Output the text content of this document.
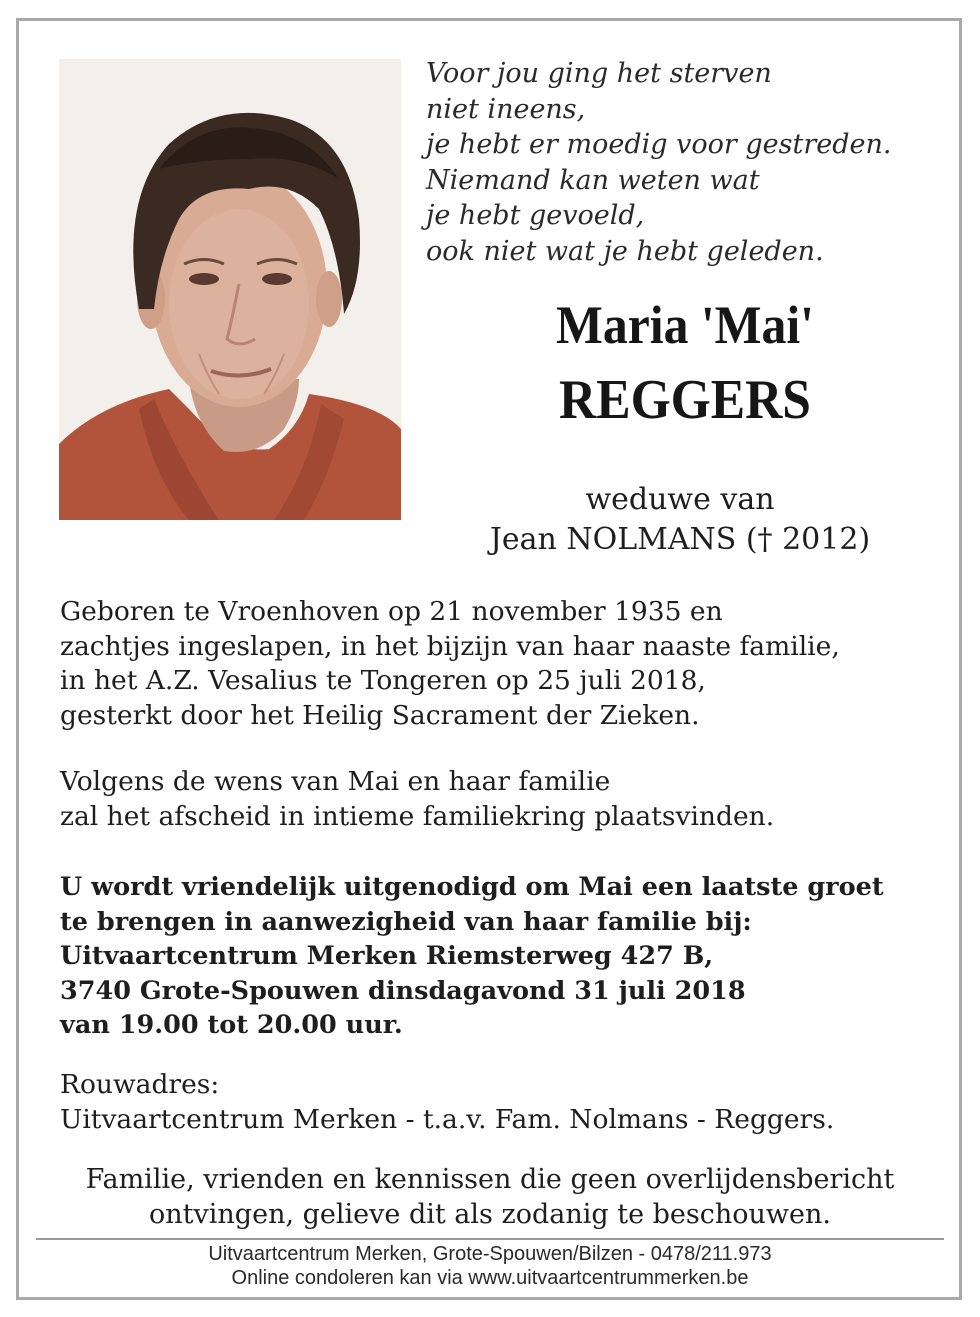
Voor jou ging het sterven
niet ineens,
je hebt er moedig voor gestreden.
Niemand kan weten wat
je hebt gevoeld,
ook niet wat je hebt geleden.
Maria 'Mai'
REGGERS
weduwe van
Jean NOLMANS († 2012)
Geboren te Vroenhoven op 21 november 1935 en
zachtjes ingeslapen, in het bijzijn van haar naaste familie,
in het A.Z. Vesalius te Tongeren op 25 juli 2018,
gesterkt door het Heilig Sacrament der Zieken.
Volgens de wens van Mai en haar familie
zal het afscheid in intieme familiekring plaatsvinden.
U wordt vriendelijk uitgenodigd om Mai een laatste groet
te brengen in aanwezigheid van haar familie bij:
Uitvaartcentrum Merken Riemsterweg 427 B,
3740 Grote-Spouwen dinsdagavond 31 juli 2018
van 19.00 tot 20.00 uur.
Rouwadres:
Uitvaartcentrum Merken - t.a.v. Fam. Nolmans - Reggers.
Familie, vrienden en kennissen die geen overlijdensbericht
ontvingen, gelieve dit als zodanig te beschouwen.
Uitvaartcentrum Merken, Grote-Spouwen/Bilzen - 0478/211.973
Online condoleren kan via www.uitvaartcentrummerken.be
